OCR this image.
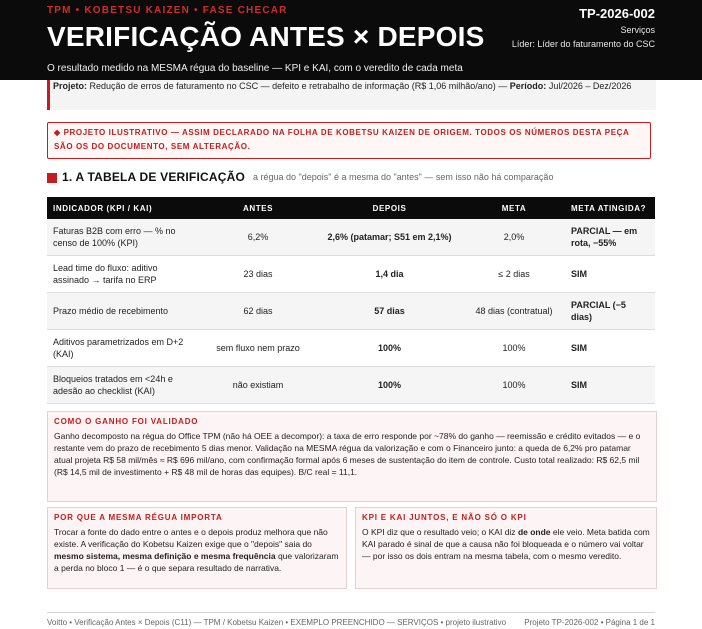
TPM • KOBETSU KAIZEN • FASE CHECAR
VERIFICAÇÃO ANTES × DEPOIS
TP-2026-002
Serviços
Líder: Líder do faturamento do CSC
O resultado medido na MESMA régua do baseline — KPI e KAI, com o veredito de cada meta
Projeto: Redução de erros de faturamento no CSC — defeito e retrabalho de informação (R$ 1,06 milhão/ano) — Período: Jul/2026 – Dez/2026
◆ PROJETO ILUSTRATIVO — ASSIM DECLARADO NA FOLHA DE KOBETSU KAIZEN DE ORIGEM. TODOS OS NÚMEROS DESTA PEÇA SÃO OS DO DOCUMENTO, SEM ALTERAÇÃO.
1. A TABELA DE VERIFICAÇÃO a régua do "depois" é a mesma do "antes" — sem isso não há comparação
INDICADOR (KPI / KAI)	ANTES	DEPOIS	META	META ATINGIDA?
Faturas B2B com erro — % no censo de 100% (KPI)	6,2%	2,6% (patamar; S51 em 2,1%)	2,0%	PARCIAL — em rota, −55%
Lead time do fluxo: aditivo assinado → tarifa no ERP	23 dias	1,4 dia	≤ 2 dias	SIM
Prazo médio de recebimento	62 dias	57 dias	48 dias (contratual)	PARCIAL (−5 dias)
Aditivos parametrizados em D+2 (KAI)	sem fluxo nem prazo	100%	100%	SIM
Bloqueios tratados em <24h e adesão ao checklist (KAI)	não existiam	100%	100%	SIM
COMO O GANHO FOI VALIDADO
Ganho decomposto na régua do Office TPM (não há OEE a decompor): a taxa de erro responde por ~78% do ganho — reemissão e crédito evitados — e o restante vem do prazo de recebimento 5 dias menor. Validação na MESMA régua da valorização e com o Financeiro junto: a queda de 6,2% pro patamar atual projeta R$ 58 mil/mês ≈ R$ 696 mil/ano, com confirmação formal após 6 meses de sustentação do item de controle. Custo total realizado: R$ 62,5 mil (R$ 14,5 mil de investimento + R$ 48 mil de horas das equipes). B/C real = 11,1.
POR QUE A MESMA RÉGUA IMPORTA
Trocar a fonte do dado entre o antes e o depois produz melhora que não existe. A verificação do Kobetsu Kaizen exige que o "depois" saia do mesmo sistema, mesma definição e mesma frequência que valorizaram a perda no bloco 1 — é o que separa resultado de narrativa.
KPI E KAI JUNTOS, E NÃO SÓ O KPI
O KPI diz que o resultado veio; o KAI diz de onde ele veio. Meta batida com KAI parado é sinal de que a causa não foi bloqueada e o número vai voltar — por isso os dois entram na mesma tabela, com o mesmo veredito.
Voitto • Verificação Antes × Depois (C11) — TPM / Kobetsu Kaizen • EXEMPLO PREENCHIDO — SERVIÇOS • projeto ilustrativo Projeto TP-2026-002 • Página 1 de 1
